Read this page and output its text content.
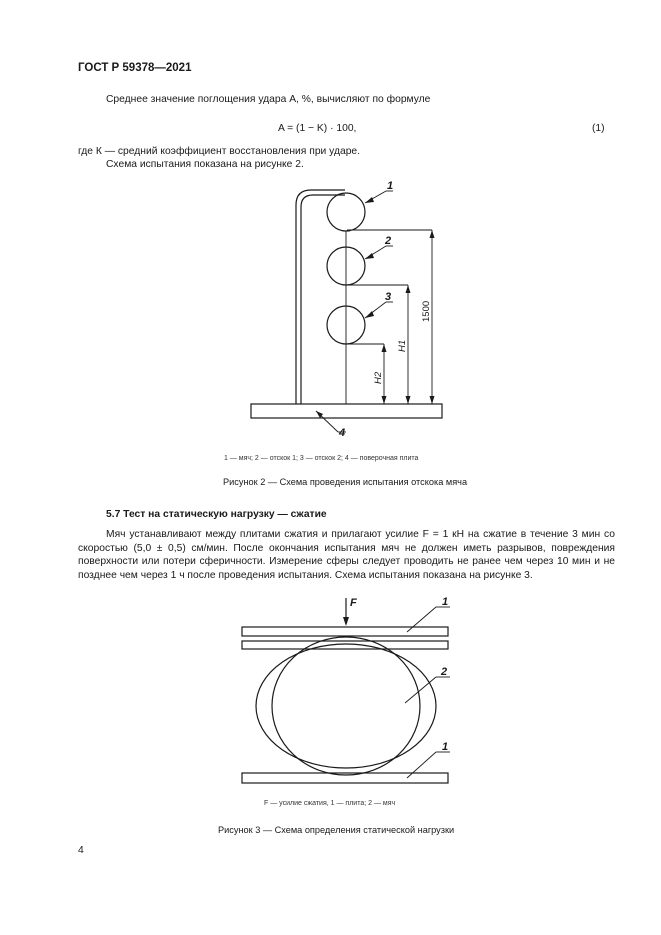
ГОСТ Р 59378—2021
Среднее значение поглощения удара А, %, вычисляют по формуле
A = (1 − K) · 100,	(1)
где К — средний коэффициент восстановления при ударе.
Схема испытания показана на рисунке 2.
1
2
3
4
1500
H1
H2
1 — мяч; 2 — отскок 1; 3 — отскок 2; 4 — поверочная плита
Рисунок 2 — Схема проведения испытания отскока мяча
5.7 Тест на статическую нагрузку — сжатие
Мяч устанавливают между плитами сжатия и прилагают усилие F = 1 кН на сжатие в течение 3 мин со скоростью (5,0 ± 0,5) см/мин. После окончания испытания мяч не должен иметь разрывов, повреждения поверхности или потери сферичности. Измерение сферы следует проводить не ранее чем через 10 мин и не позднее чем через 1 ч после проведения испытания. Схема испытания показана на рисунке 3.
F	1
2
1
F — усилие сжатия, 1 — плита; 2 — мяч
Рисунок 3 — Схема определения статической нагрузки
4
